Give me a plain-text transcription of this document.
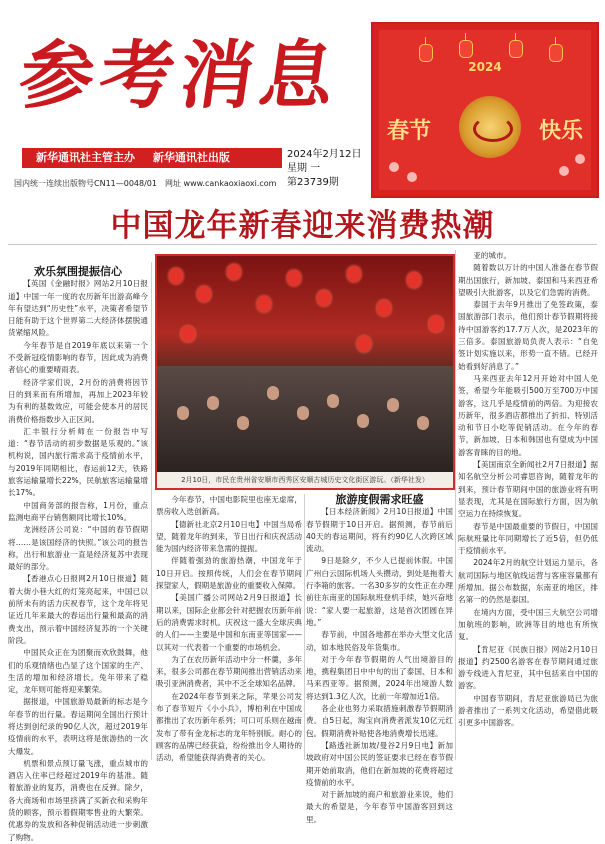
参考消息
新华通讯社主管主办 新华通讯社出版	2024年2月12日
星期 一
第23739期
国内统一连续出版物号CN11—0048/01　网址 www.cankaoxiaoxi.com
2024
春节	快乐
中国龙年新春迎来消费热潮
2月10日，市民在贵州省安顺市西秀区安顺古城历史文化街区游玩。（新华社发）
欢乐氛围提振信心

【英国《金融时报》网站2月10日报道】中国一年一度的农历新年出游高峰今年有望达到“历史性”水平，决策者希望节日能有助于这个世界第二大经济体摆脱通货紧缩风险。

今年春节是自2019年底以来第一个不受新冠疫情影响的春节，因此成为消费者信心的重要晴雨表。

经济学家们说，2月份的消费将因节日的到来而有所增加，再加上2023年较为有利的基数效应，可能会使本月的居民消费价格指数步入正区间。

汇丰银行分析师在一份报告中写道：“春节活动的初步数据是乐观的。”该机构说，国内旅行需求高于疫情前水平，与2019年同期相比，春运前12天，铁路旅客运输量增长22%，民航旅客运输量增长17%。

中国商务部的报告称，1月份，重点监测电商平台销售额同比增长10%。

龙洲经济公司说：“中国的春节假期将……是该国经济的快照。”该公司的报告称，出行和旅游业一直是经济复苏中表现最好的部分。

【香港点心日报网2月10日报道】随着大街小巷大红的灯笼亮起来，中国已以前所未有的活力庆祝春节，这个龙年将见证近几年来最大的春运出行量和最高的消费支出，预示着中国经济复苏的一个关键阶段。

中国民众正在为团聚而欢欣鼓舞，他们的乐观情绪也凸显了这个国家的生产、生活的增加和经济增长。兔年带来了稳定，龙年则可能将迎来繁荣。

据报道，中国旅游局最新的标志是今年春节的出行量。春运期间全国出行预计将达到创纪录的90亿人次，超过2019年疫情前的水平，表明这将是旅游热的一次大爆发。

机票和景点预订量飞涨，重点城市的酒店入住率已经超过2019年的基准。随着旅游业的复苏，消费也在反弹。除夕，各大商场和市场里挤满了买新衣和采购年货的顾客，预示着假期零售业的大繁荣。优惠券的发放和各种促销活动进一步刺激了购物。

今年春节，中国电影院里也座无虚席，票房收入迭创新高。

【德新社北京2月10日电】中国当局希望，随着龙年的到来，节日出行和庆祝活动能为国内经济带来急需的提振。

伴随着强劲的旅游热潮，中国龙年于10日开启。按照传统，人们会在春节期间探望家人，假期是旅游业的重要收入保障。

【美国广播公司网站2月9日报道】长期以来，国际企业都会针对把握农历新年前后的消费需求时机。庆祝这一盛大全球庆典的人们——主要是中国和东南亚等国家——以其对一代表着一个重要的市场机会。

为了在农历新年活动中分一杯羹，多年来，很多公司都在春节期间推出营销活动来吸引亚洲消费者，其中不乏全球知名品牌。

在2024年春节到来之际，苹果公司发布了春节短片《小小兵》，博柏利在中国成都推出了农历新年系列；可口可乐则在越南发布了带有金龙标志的龙年特别版。耐心的顾客的品牌已经获益，纷纷推出令人期待的活动，希望能获得消费者的关心。

旅游度假需求旺盛

【日本经济新闻》2月10日报道】中国春节假期于10日开启。据预测，春节前后40天的春运期间，将有约90亿人次跨区域流动。

9日是除夕，不少人已提前休假。中国广州白云国际机场人头攒动，到处是拖着大行李箱的旅客。一名30多岁的女性正在办理前往东南亚的国际航班登机手续，她兴奋地说：“家人要一起旅游，这是首次团圆在异地。”

春节前，中国各地都在举办大型文化活动，如本地民俗及年货集市。

对于今年春节假期的人气出境游目的地，携程集团日中中旬的出了泰国、日本和马来西亚等。据预测，2024年出境游人数将达到1.3亿人次，比前一年增加近1倍。

各企业也努力采取措施刺激春节假期消费。自5日起，淘宝向消费者派发10亿元红包。假期消费补贴使各地消费增长迅速。

【路透社新加坡/曼谷2月9日电】新加坡政府对中国公民的签证要求已经在春节假期开始前取消，他们在新加坡的花费将超过疫情前的水平。

对于新加坡的商户和旅游业来说，他们最大的希望是，今年春节中国游客回到这里。

亚的城市。

随着数以万计的中国人准备在春节假期出国旅行，新加坡、泰国和马来西亚希望吸引大批游客，以及它们急需的消费。

泰国于去年9月推出了免签政策，泰国旅游部门表示，他们预计春节假期将接待中国游客约17.7万人次，是2023年的三倍多。泰国旅游局负责人表示：“自免签计划实施以来，形势一直不错。已经开始看到好消息了。”

马来西亚去年12月开始对中国人免签，希望今年能吸引500万至700万中国游客，这几乎是疫情前的两倍。为迎接农历新年，很多酒店都推出了折扣、特别活动和节日小吃等促销活动。在今年的春节，新加坡、日本和韩国也有望成为中国游客青睐的目的地。

【美国南京全新闻社2月7日报道】据知名航空分析公司睿思咨询，随着龙年的到来，预计春节期间中国的旅游业将有明显表现，尤其是在国际旅行方面，因为航空运力在持续恢复。

春节是中国最重要的节假日，中国国际航班量比年同期增长了近5倍，但仍低于疫情前水平。

2024年2月的航空计划运力显示，各航司国际与地区航线运营与客座容量都有所增加。据公布数据，东南亚的地区，排名第一的仍然是泰国。

在境内方面，受中国三大航空公司增加航班的影响，欧洲等目的地也有所恢复。

【肯尼亚《民族日报》网站2月10日报道】约2500名游客在春节期间通过旅游专线进入肯尼亚，其中包括来自中国的游客。

中国春节期间，肯尼亚旅游局已为旅游者推出了一系列文化活动，希望借此吸引更多中国游客。
